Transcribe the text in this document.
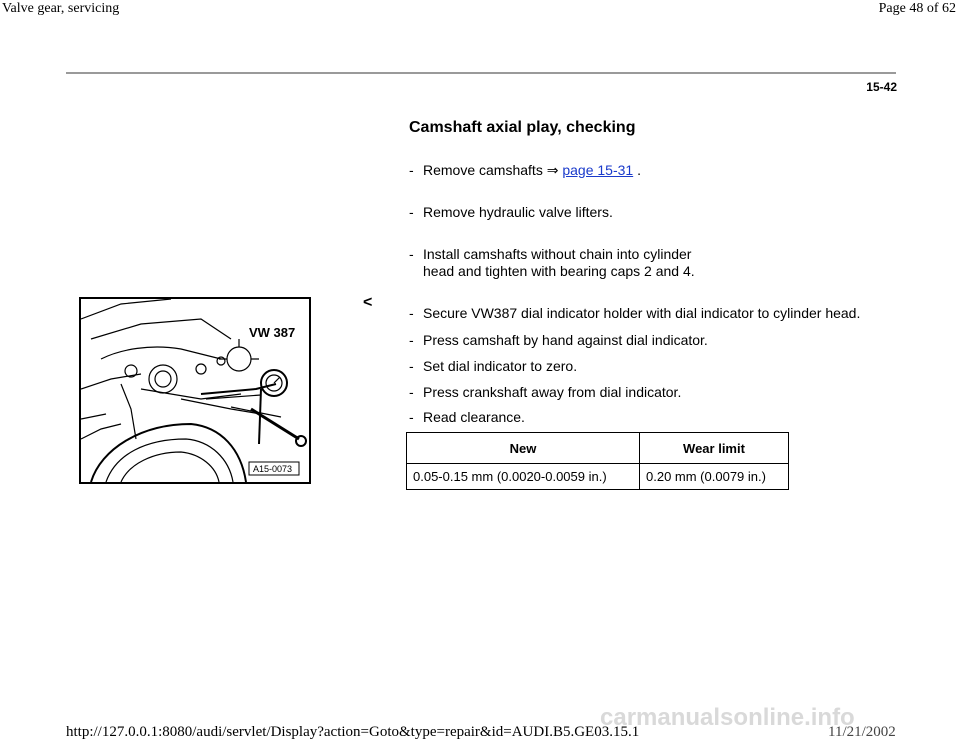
Valve gear, servicing	Page 48 of 62
15-42
Camshaft axial play, checking
- Remove camshafts ⇒ page 15-31 .
- Remove hydraulic valve lifters.
- Install camshafts without chain into cylinder
head and tighten with bearing caps 2 and 4.
VW 387
A15-0073
<
- Secure VW387 dial indicator holder with dial indicator to cylinder head.
- Press camshaft by hand against dial indicator.
- Set dial indicator to zero.
- Press crankshaft away from dial indicator.
- Read clearance.
New	Wear limit
0.05-0.15 mm (0.0020-0.0059 in.)	0.20 mm (0.0079 in.)
carmanualsonline.info
http://127.0.0.1:8080/audi/servlet/Display?action=Goto&type=repair&id=AUDI.B5.GE03.15.1	11/21/2002
